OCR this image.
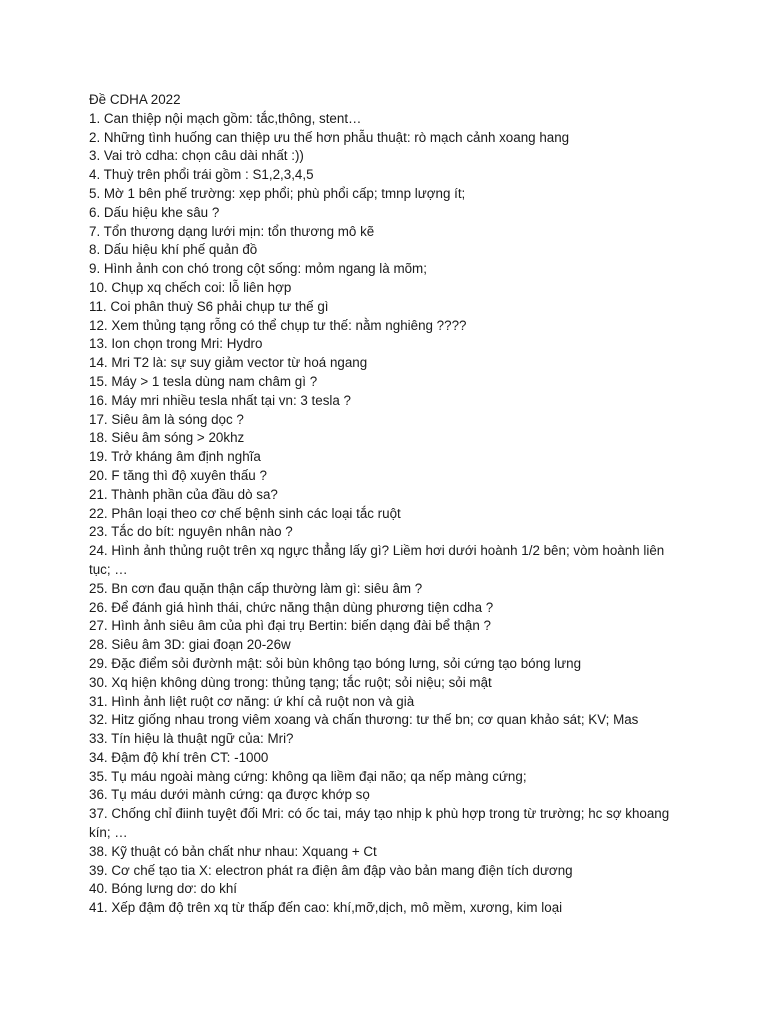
Đề CDHA 2022
1. Can thiệp nội mạch gồm: tắc,thông, stent…
2. Những tình huống can thiệp ưu thế hơn phẫu thuật: rò mạch cảnh xoang hang
3. Vai trò cdha: chọn câu dài nhất :))
4. Thuỳ trên phổi trái gồm : S1,2,3,4,5
5. Mờ 1 bên phế trường: xẹp phổi; phù phổi cấp; tmnp lượng ít;
6. Dấu hiệu khe sâu ?
7. Tổn thương dạng lưới mịn: tổn thương mô kẽ
8. Dấu hiệu khí phế quản đồ
9. Hình ảnh con chó trong cột sống: mỏm ngang là mõm;
10. Chụp xq chếch coi: lỗ liên hợp
11. Coi phân thuỳ S6 phải chụp tư thế gì
12. Xem thủng tạng rỗng có thể chụp tư thế: nằm nghiêng ????
13. Ion chọn trong Mri: Hydro
14. Mri T2 là: sự suy giảm vector từ hoá ngang
15. Máy > 1 tesla dùng nam châm gì ?
16. Máy mri nhiều tesla nhất tại vn: 3 tesla ?
17. Siêu âm là sóng dọc ?
18. Siêu âm sóng > 20khz
19. Trở kháng âm định nghĩa
20. F tăng thì độ xuyên thấu ?
21. Thành phần của đầu dò sa?
22. Phân loại theo cơ chế bệnh sinh các loại tắc ruột
23. Tắc do bít: nguyên nhân nào ?
24. Hình ảnh thủng ruột trên xq ngực thẳng lấy gì? Liềm hơi dưới hoành 1/2 bên; vòm hoành liên tục; …
25. Bn cơn đau quặn thận cấp thường làm gì: siêu âm ?
26. Để đánh giá hình thái, chức năng thận dùng phương tiện cdha ?
27. Hình ảnh siêu âm của phì đại trụ Bertin: biến dạng đài bể thận ?
28. Siêu âm 3D: giai đoạn 20-26w
29. Đặc điểm sỏi đườnh mật: sỏi bùn không tạo bóng lưng, sỏi cứng tạo bóng lưng
30. Xq hiện không dùng trong: thủng tạng; tắc ruột; sỏi niệu; sỏi mật
31. Hình ảnh liệt ruột cơ năng: ứ khí cả ruột non và già
32. Hitz giống nhau trong viêm xoang và chấn thương: tư thế bn; cơ quan khảo sát; KV; Mas
33. Tín hiệu là thuật ngữ của: Mri?
34. Đậm độ khí trên CT: -1000
35. Tụ máu ngoài màng cứng: không qa liềm đại não; qa nếp màng cứng;
36. Tụ máu dưới mành cứng: qa được khớp sọ
37. Chống chỉ điinh tuyệt đối Mri: có ốc tai, máy tạo nhịp k phù hợp trong từ trường; hc sợ khoang kín; …
38. Kỹ thuật có bản chất như nhau: Xquang + Ct
39. Cơ chế tạo tia X: electron phát ra điện âm đập vào bản mang điện tích dương
40. Bóng lưng dơ: do khí
41. Xếp đậm độ trên xq từ thấp đến cao: khí,mỡ,dịch, mô mềm, xương, kim loại
